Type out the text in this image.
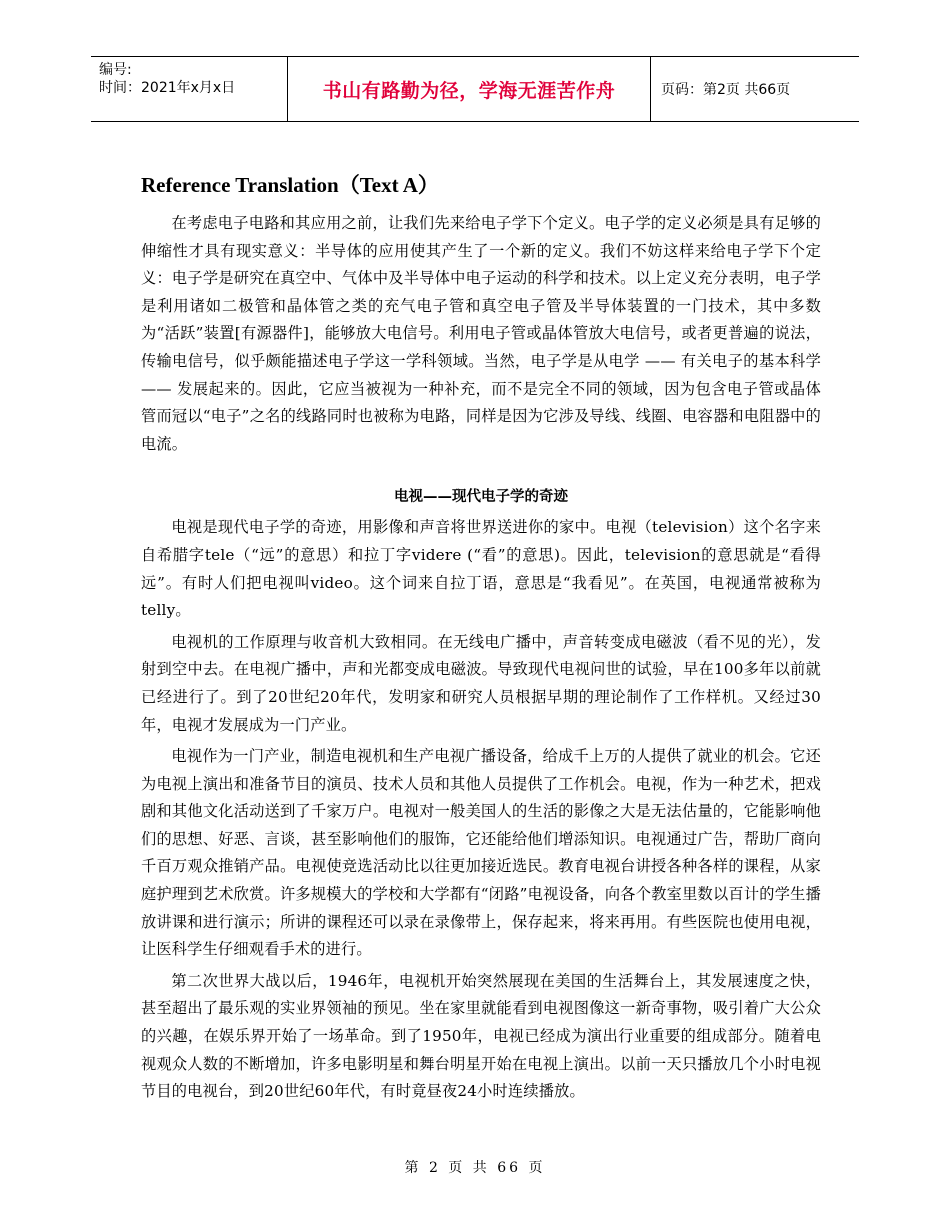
编号:
时间：2021年x月x日	书山有路勤为径，学海无涯苦作舟	页码：第2页 共66页
Reference Translation（Text A）

在考虑电子电路和其应用之前，让我们先来给电子学下个定义。电子学的定义必须是具有足够的伸缩性才具有现实意义：半导体的应用使其产生了一个新的定义。我们不妨这样来给电子学下个定义：电子学是研究在真空中、气体中及半导体中电子运动的科学和技术。以上定义充分表明，电子学是利用诸如二极管和晶体管之类的充气电子管和真空电子管及半导体装置的一门技术，其中多数为“活跃”装置[有源器件]，能够放大电信号。利用电子管或晶体管放大电信号，或者更普遍的说法，传输电信号，似乎颇能描述电子学这一学科领域。当然，电子学是从电学 —— 有关电子的基本科学 —— 发展起来的。因此，它应当被视为一种补充，而不是完全不同的领域，因为包含电子管或晶体管而冠以“电子”之名的线路同时也被称为电路，同样是因为它涉及导线、线圈、电容器和电阻器中的电流。

电视——现代电子学的奇迹

电视是现代电子学的奇迹，用影像和声音将世界送进你的家中。电视（television）这个名字来自希腊字tele（“远”的意思）和拉丁字videre (“看”的意思)。因此，television的意思就是“看得远”。有时人们把电视叫video。这个词来自拉丁语，意思是“我看见”。在英国，电视通常被称为telly。

电视机的工作原理与收音机大致相同。在无线电广播中，声音转变成电磁波（看不见的光），发射到空中去。在电视广播中，声和光都变成电磁波。导致现代电视问世的试验，早在100多年以前就已经进行了。到了20世纪20年代，发明家和研究人员根据早期的理论制作了工作样机。又经过30年，电视才发展成为一门产业。

电视作为一门产业，制造电视机和生产电视广播设备，给成千上万的人提供了就业的机会。它还为电视上演出和准备节目的演员、技术人员和其他人员提供了工作机会。电视，作为一种艺术，把戏剧和其他文化活动送到了千家万户。电视对一般美国人的生活的影像之大是无法估量的，它能影响他们的思想、好恶、言谈，甚至影响他们的服饰，它还能给他们增添知识。电视通过广告，帮助厂商向千百万观众推销产品。电视使竞选活动比以往更加接近选民。教育电视台讲授各种各样的课程，从家庭护理到艺术欣赏。许多规模大的学校和大学都有“闭路”电视设备，向各个教室里数以百计的学生播放讲课和进行演示；所讲的课程还可以录在录像带上，保存起来，将来再用。有些医院也使用电视，让医科学生仔细观看手术的进行。

第二次世界大战以后，1946年，电视机开始突然展现在美国的生活舞台上，其发展速度之快，甚至超出了最乐观的实业界领袖的预见。坐在家里就能看到电视图像这一新奇事物，吸引着广大公众的兴趣，在娱乐界开始了一场革命。到了1950年，电视已经成为演出行业重要的组成部分。随着电视观众人数的不断增加，许多电影明星和舞台明星开始在电视上演出。以前一天只播放几个小时电视节目的电视台，到20世纪60年代，有时竟昼夜24小时连续播放。

第 2 页 共 66 页
